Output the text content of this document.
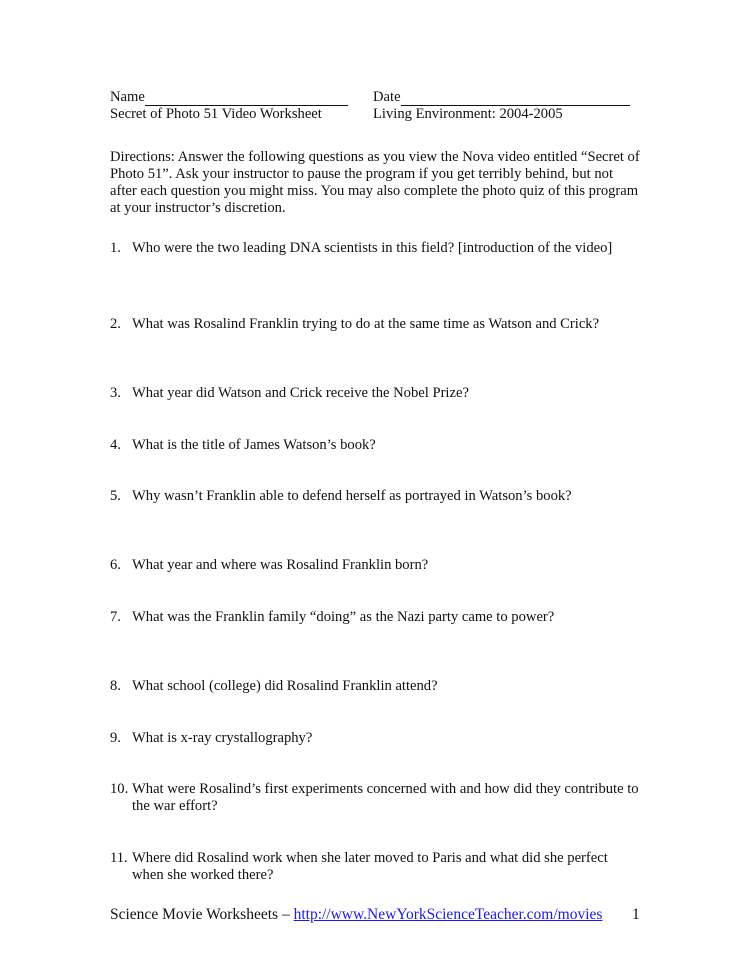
Name	Date
Secret of Photo 51 Video Worksheet	Living Environment: 2004-2005
Directions: Answer the following questions as you view the Nova video entitled “Secret of Photo 51”. Ask your instructor to pause the program if you get terribly behind, but not after each question you might miss. You may also complete the photo quiz of this program at your instructor’s discretion.
1. Who were the two leading DNA scientists in this field? [introduction of the video]
2. What was Rosalind Franklin trying to do at the same time as Watson and Crick?
3. What year did Watson and Crick receive the Nobel Prize?
4. What is the title of James Watson’s book?
5. Why wasn’t Franklin able to defend herself as portrayed in Watson’s book?
6. What year and where was Rosalind Franklin born?
7. What was the Franklin family “doing” as the Nazi party came to power?
8. What school (college) did Rosalind Franklin attend?
9. What is x-ray crystallography?
10. What were Rosalind’s first experiments concerned with and how did they contribute to the war effort?
11. Where did Rosalind work when she later moved to Paris and what did she perfect when she worked there?
Science Movie Worksheets – http://www.NewYorkScienceTeacher.com/movies 1
